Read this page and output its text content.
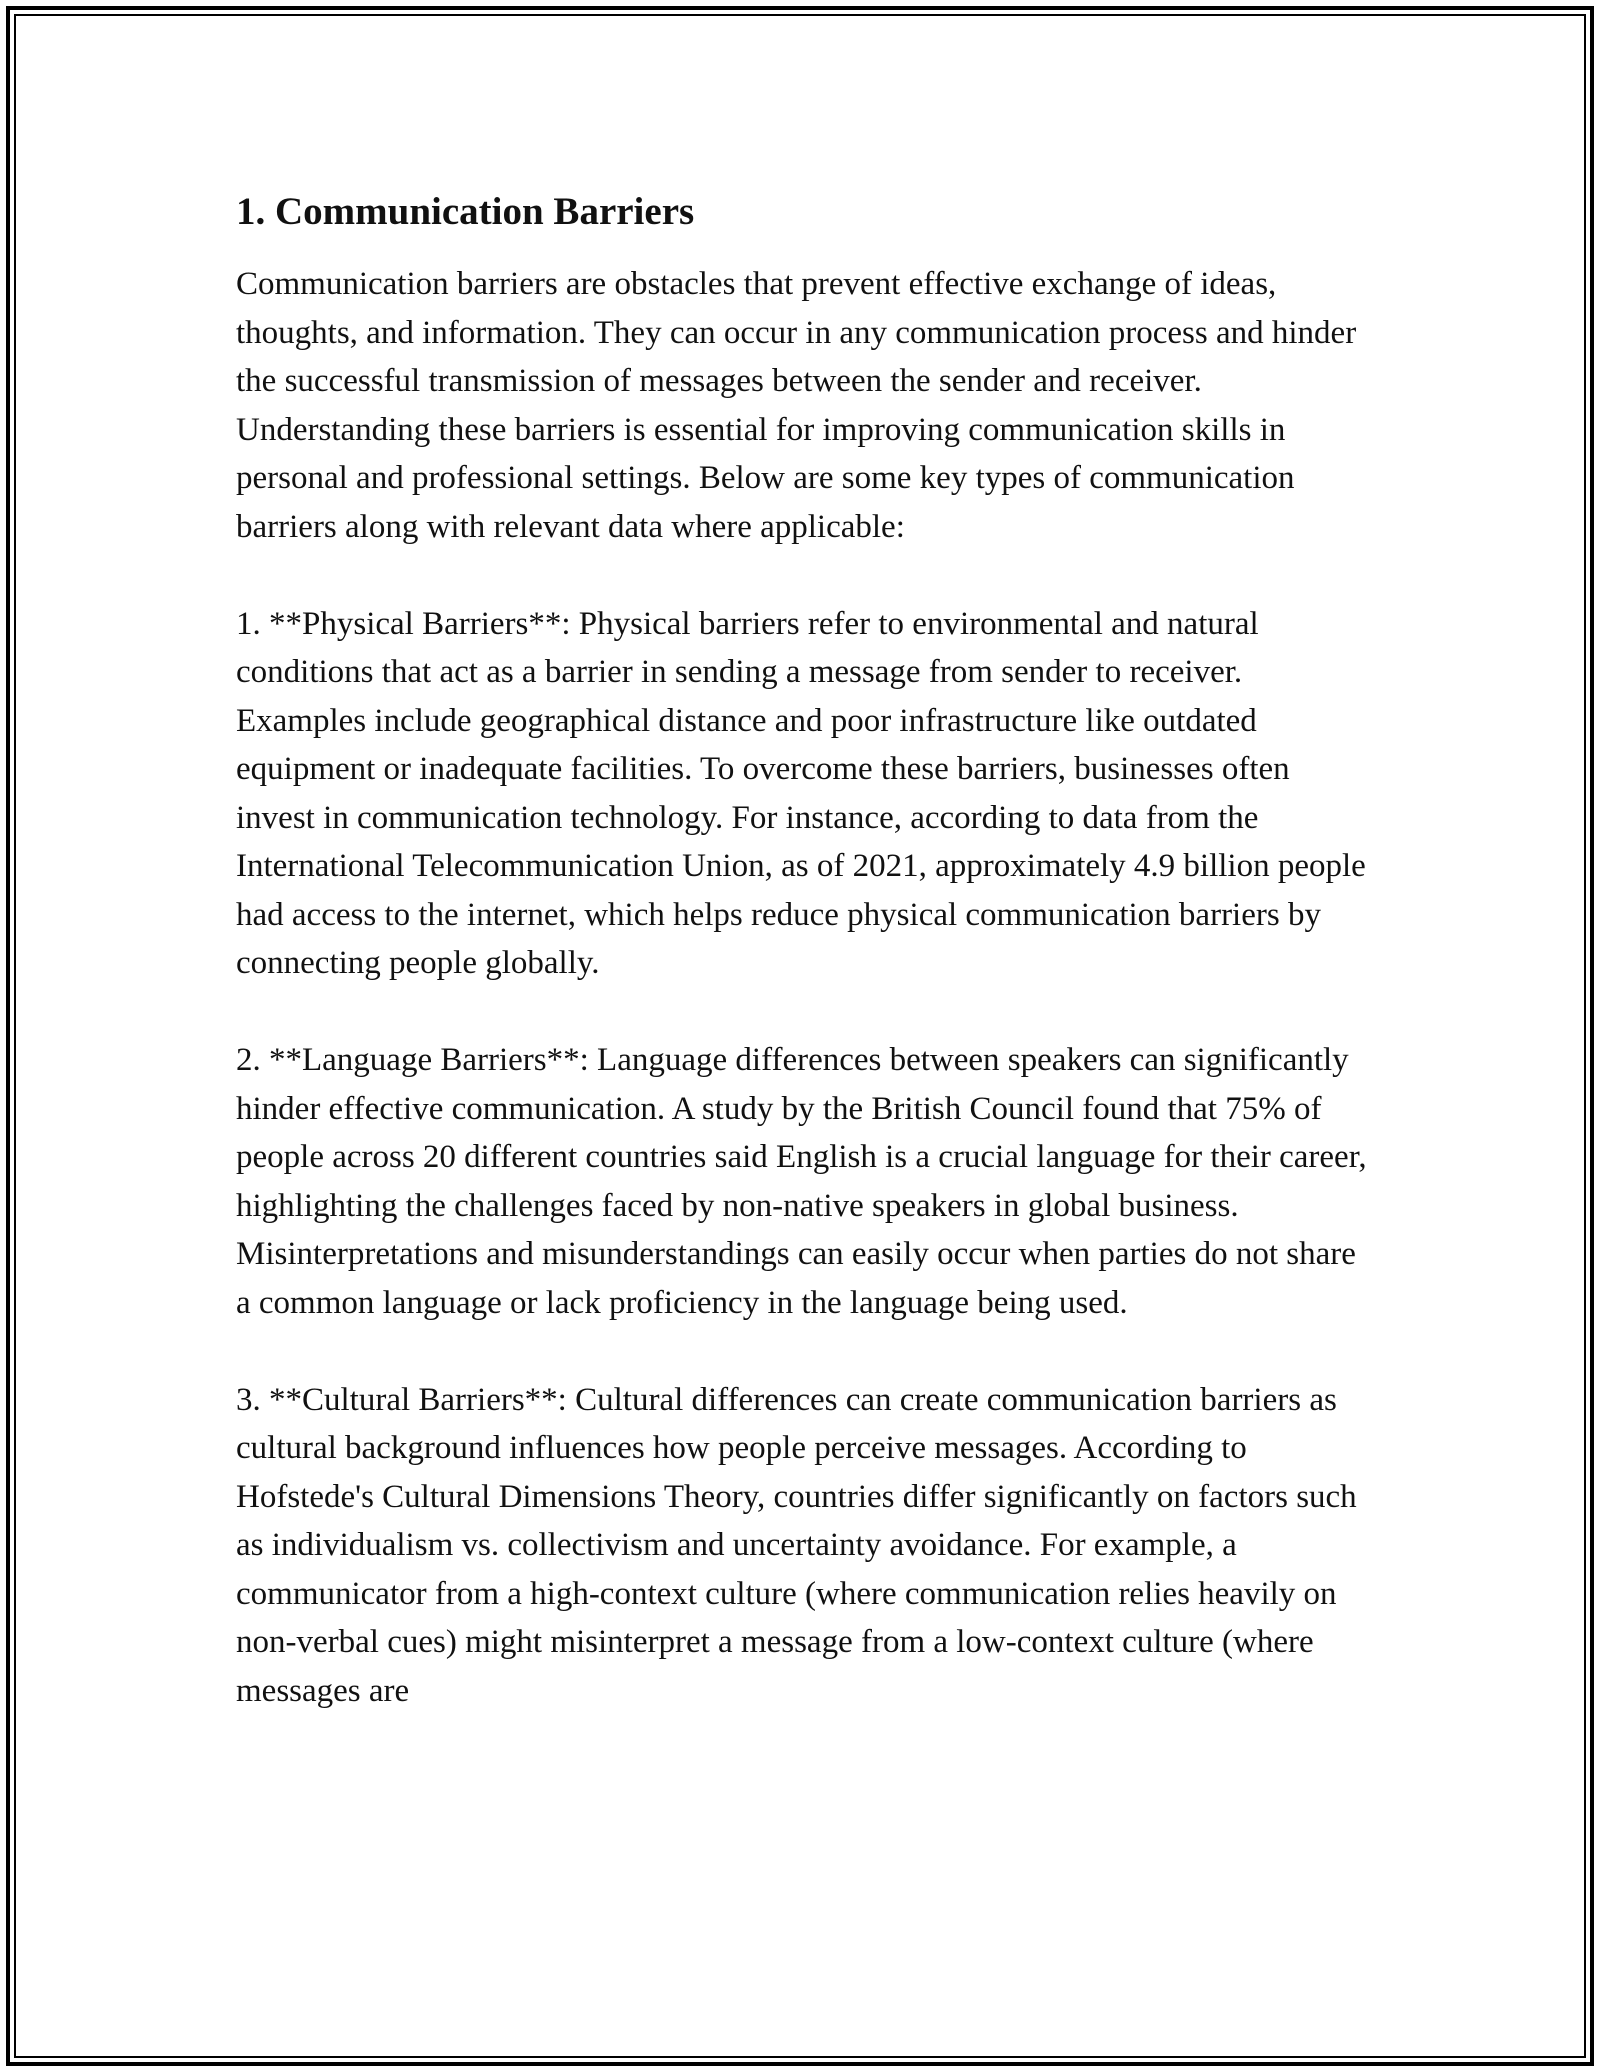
1. Communication Barriers

Communication barriers are obstacles that prevent effective exchange of ideas, thoughts, and information. They can occur in any communication process and hinder the successful transmission of messages between the sender and receiver. Understanding these barriers is essential for improving communication skills in personal and professional settings. Below are some key types of communication barriers along with relevant data where applicable:

1. **Physical Barriers**: Physical barriers refer to environmental and natural conditions that act as a barrier in sending a message from sender to receiver. Examples include geographical distance and poor infrastructure like outdated equipment or inadequate facilities. To overcome these barriers, businesses often invest in communication technology. For instance, according to data from the International Telecommunication Union, as of 2021, approximately 4.9 billion people had access to the internet, which helps reduce physical communication barriers by connecting people globally.

2. **Language Barriers**: Language differences between speakers can significantly hinder effective communication. A study by the British Council found that 75% of people across 20 different countries said English is a crucial language for their career, highlighting the challenges faced by non-native speakers in global business. Misinterpretations and misunderstandings can easily occur when parties do not share a common language or lack proficiency in the language being used.

3. **Cultural Barriers**: Cultural differences can create communication barriers as cultural background influences how people perceive messages. According to Hofstede's Cultural Dimensions Theory, countries differ significantly on factors such as individualism vs. collectivism and uncertainty avoidance. For example, a communicator from a high-context culture (where communication relies heavily on non-verbal cues) might misinterpret a message from a low-context culture (where messages are
